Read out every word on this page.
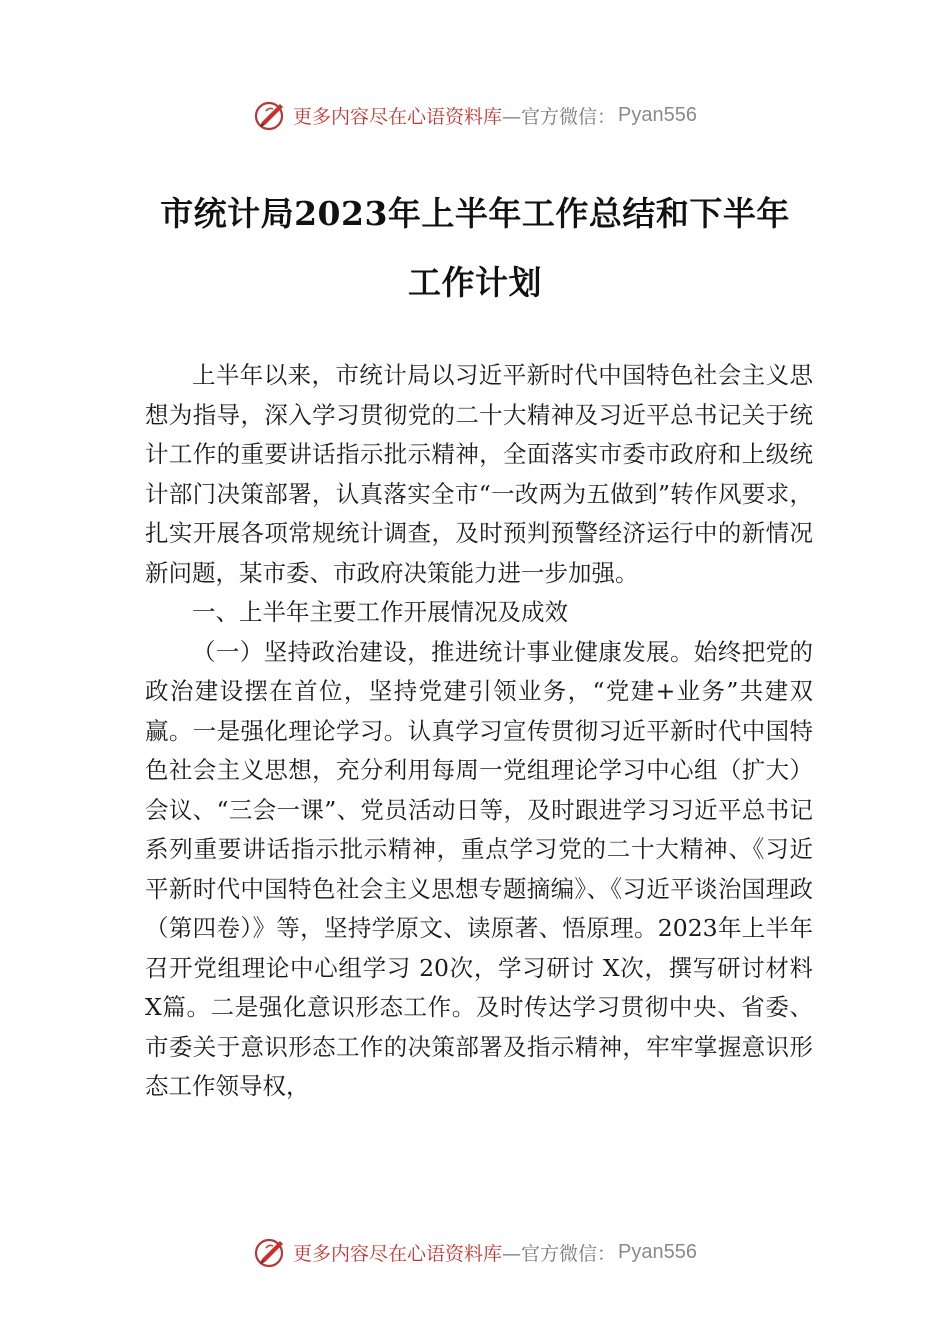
更多内容尽在心语资料库 —官方微信： Pyan556
市统计局2023年上半年工作总结和下半年
工作计划

上半年以来，市统计局以习近平新时代中国特色社会主义思想为指导，深入学习贯彻党的二十大精神及习近平总书记关于统计工作的重要讲话指示批示精神，全面落实市委市政府和上级统计部门决策部署，认真落实全市“一改两为五做到”转作风要求，扎实开展各项常规统计调查，及时预判预警经济运行中的新情况新问题，某市委、市政府决策能力进一步加强。

一、上半年主要工作开展情况及成效

（一）坚持政治建设，推进统计事业健康发展。始终把党的政治建设摆在首位，坚持党建引领业务，“党建+业务”共建双赢。一是强化理论学习。认真学习宣传贯彻习近平新时代中国特色社会主义思想，充分利用每周一党组理论学习中心组（扩大）会议、“三会一课”、党员活动日等，及时跟进学习习近平总书记系列重要讲话指示批示精神，重点学习党的二十大精神、《习近平新时代中国特色社会主义思想专题摘编》、《习近平谈治国理政（第四卷）》等，坚持学原文、读原著、悟原理。2023年上半年召开党组理论中心组学习 20次，学习研讨 X次，撰写研讨材料 X篇。二是强化意识形态工作。及时传达学习贯彻中央、省委、市委关于意识形态工作的决策部署及指示精神，牢牢掌握意识形态工作领导权，

更多内容尽在心语资料库 —官方微信： Pyan556
